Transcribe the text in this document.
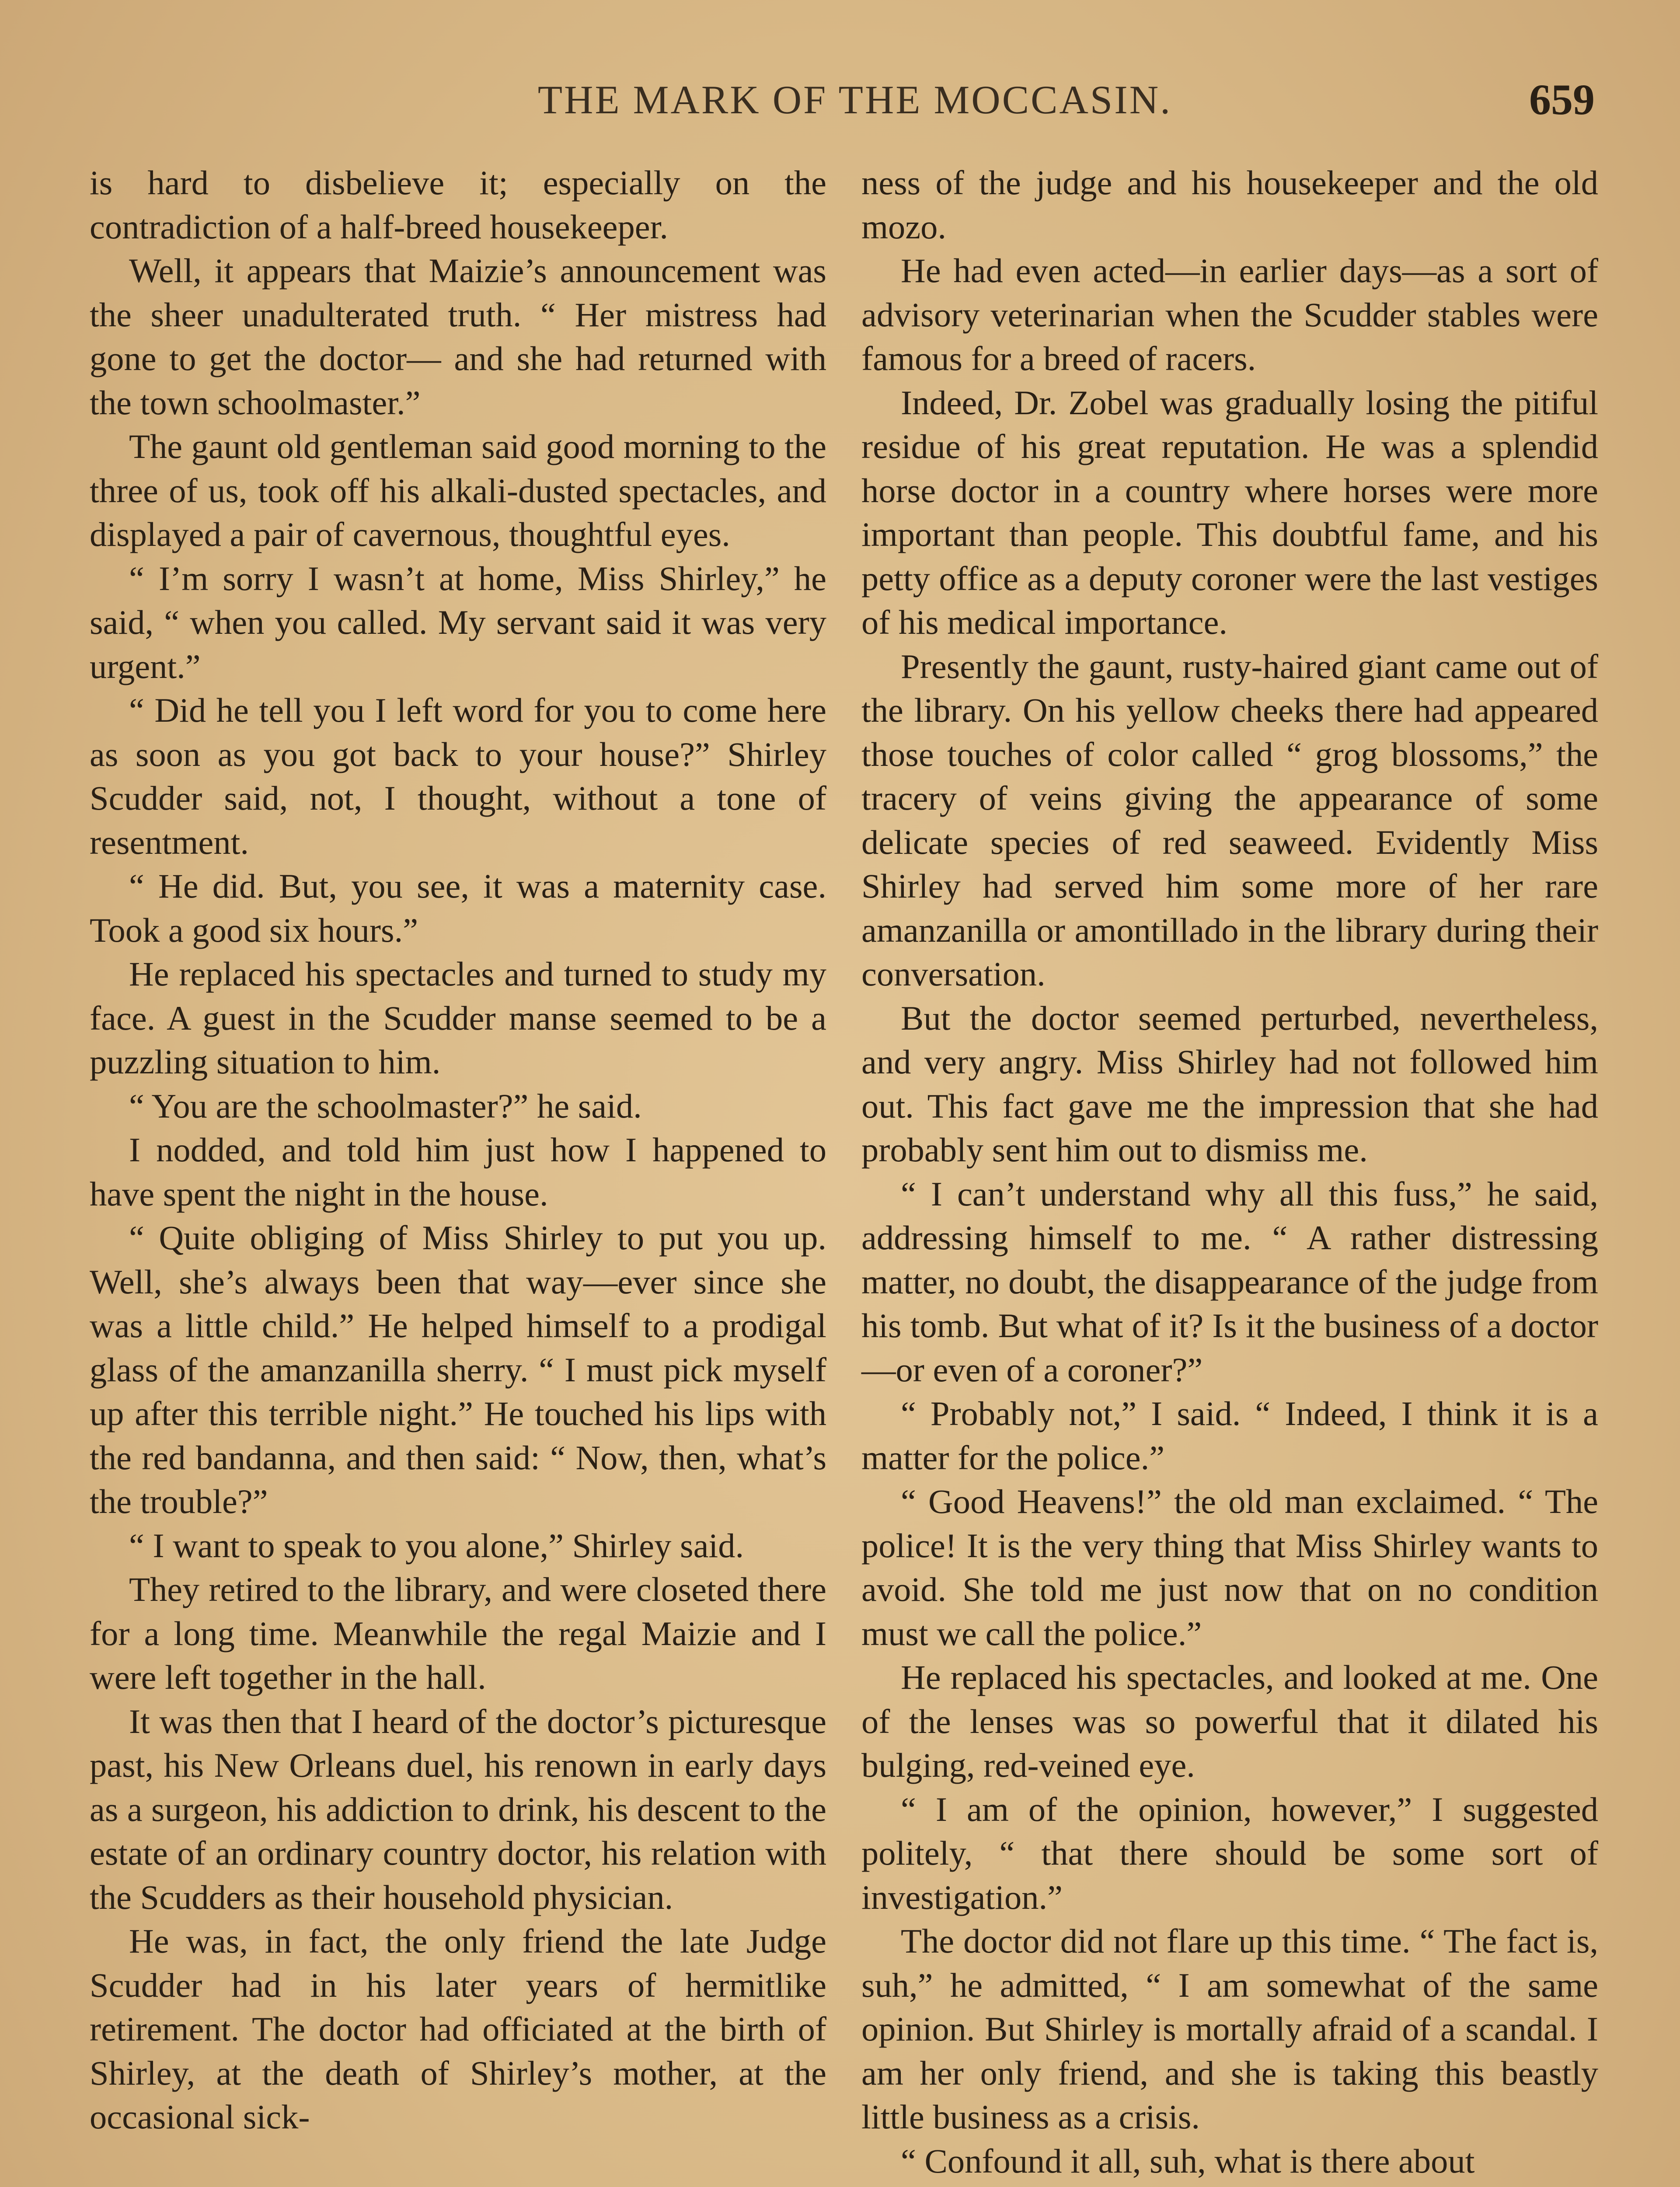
THE MARK OF THE MOCCASIN.	659

is hard to disbelieve it; especially on the contradiction of a half-breed housekeeper.

Well, it appears that Maizie’s announcement was the sheer unadulterated truth. “ Her mistress had gone to get the doctor— and she had returned with the town schoolmaster.”

The gaunt old gentleman said good morning to the three of us, took off his alkali-dusted spectacles, and displayed a pair of cavernous, thoughtful eyes.

“ I’m sorry I wasn’t at home, Miss Shirley,” he said, “ when you called. My servant said it was very urgent.”

“ Did he tell you I left word for you to come here as soon as you got back to your house?” Shirley Scudder said, not, I thought, without a tone of resentment.

“ He did. But, you see, it was a maternity case. Took a good six hours.”

He replaced his spectacles and turned to study my face. A guest in the Scudder manse seemed to be a puzzling situation to him.

“ You are the schoolmaster?” he said.

I nodded, and told him just how I happened to have spent the night in the house.

“ Quite obliging of Miss Shirley to put you up. Well, she’s always been that way—ever since she was a little child.” He helped himself to a prodigal glass of the amanzanilla sherry. “ I must pick myself up after this terrible night.” He touched his lips with the red bandanna, and then said: “ Now, then, what’s the trouble?”

“ I want to speak to you alone,” Shirley said.

They retired to the library, and were closeted there for a long time. Meanwhile the regal Maizie and I were left together in the hall.

It was then that I heard of the doctor’s picturesque past, his New Orleans duel, his renown in early days as a surgeon, his addiction to drink, his descent to the estate of an ordinary country doctor, his relation with the Scudders as their household physician.

He was, in fact, the only friend the late Judge Scudder had in his later years of hermitlike retirement. The doctor had officiated at the birth of Shirley, at the death of Shirley’s mother, at the occasional sick-

ness of the judge and his housekeeper and the old mozo.

He had even acted—in earlier days—as a sort of advisory veterinarian when the Scudder stables were famous for a breed of racers.

Indeed, Dr. Zobel was gradually losing the pitiful residue of his great reputation. He was a splendid horse doctor in a country where horses were more important than people. This doubtful fame, and his petty office as a deputy coroner were the last vestiges of his medical importance.

Presently the gaunt, rusty-haired giant came out of the library. On his yellow cheeks there had appeared those touches of color called “ grog blossoms,” the tracery of veins giving the appearance of some delicate species of red seaweed. Evidently Miss Shirley had served him some more of her rare amanzanilla or amontillado in the library during their conversation.

But the doctor seemed perturbed, nevertheless, and very angry. Miss Shirley had not followed him out. This fact gave me the impression that she had probably sent him out to dismiss me.

“ I can’t understand why all this fuss,” he said, addressing himself to me. “ A rather distressing matter, no doubt, the disappearance of the judge from his tomb. But what of it? Is it the business of a doctor—or even of a coroner?”

“ Probably not,” I said. “ Indeed, I think it is a matter for the police.”

“ Good Heavens!” the old man exclaimed. “ The police! It is the very thing that Miss Shirley wants to avoid. She told me just now that on no condition must we call the police.”

He replaced his spectacles, and looked at me. One of the lenses was so powerful that it dilated his bulging, red-veined eye.

“ I am of the opinion, however,” I suggested politely, “ that there should be some sort of investigation.”

The doctor did not flare up this time. “ The fact is, suh,” he admitted, “ I am somewhat of the same opinion. But Shirley is mortally afraid of a scandal. I am her only friend, and she is taking this beastly little business as a crisis.

“ Confound it all, suh, what is there about
